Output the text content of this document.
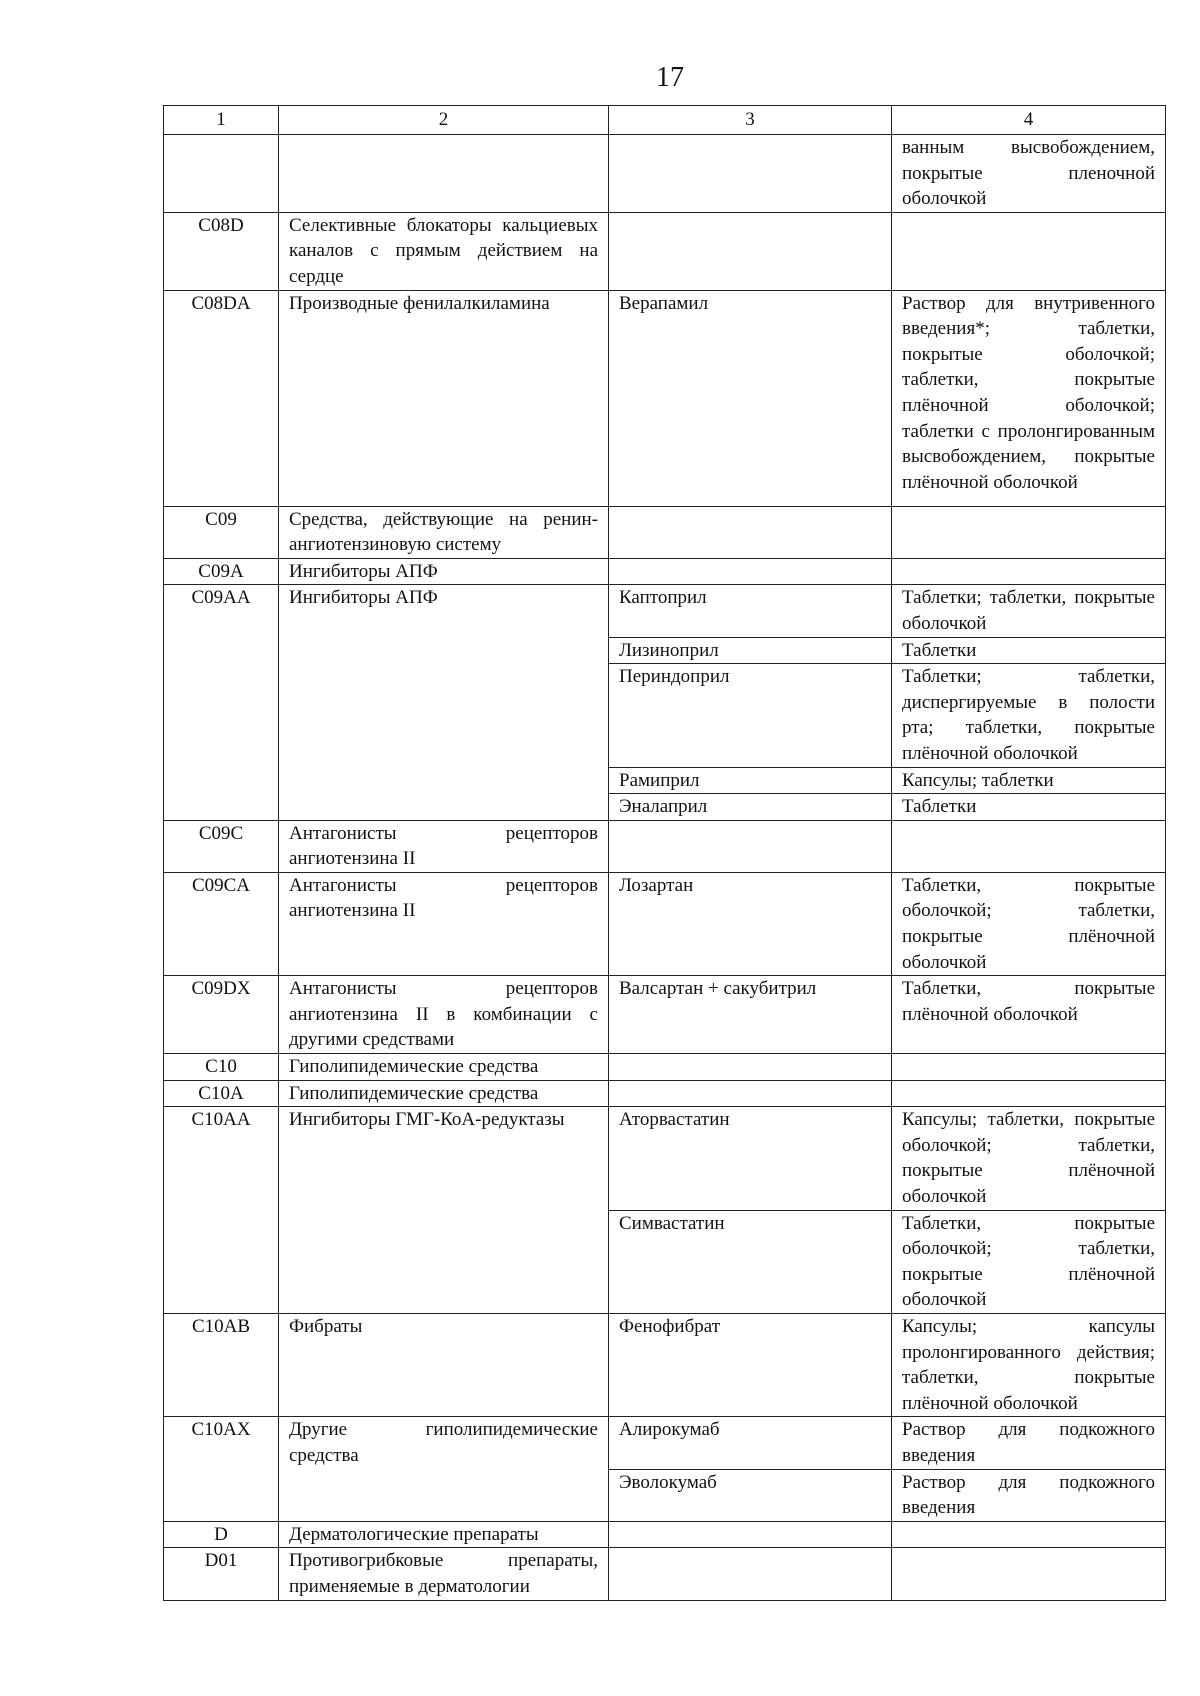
17
1	2	3	4
			ванным высвобождением, покрытые пленочной оболочкой
C08D	Селективные блокаторы кальциевых каналов с прямым действием на сердце		
C08DA	Производные фенилалкиламина	Верапамил	Раствор для внутривенного введения*; таблетки, покрытые оболочкой; таблетки, покрытые плёночной оболочкой; таблетки с пролонгированным высвобождением, покрытые плёночной оболочкой
C09	Средства, действующие на ренин-ангиотензиновую систему		
C09A	Ингибиторы АПФ		
C09AA	Ингибиторы АПФ	Каптоприл	Таблетки; таблетки, покрытые оболочкой
		Лизиноприл	Таблетки
		Периндоприл	Таблетки; таблетки, диспергируемые в полости рта; таблетки, покрытые плёночной оболочкой
		Рамиприл	Капсулы; таблетки
		Эналаприл	Таблетки
C09C	Антагонисты рецепторов ангиотензина II		
C09CA	Антагонисты рецепторов ангиотензина II	Лозартан	Таблетки, покрытые оболочкой; таблетки, покрытые плёночной оболочкой
C09DX	Антагонисты рецепторов ангиотензина II в комбинации с другими средствами	Валсартан + сакубитрил	Таблетки, покрытые плёночной оболочкой
C10	Гиполипидемические средства		
C10A	Гиполипидемические средства		
C10AA	Ингибиторы ГМГ-КоА-редуктазы	Аторвастатин	Капсулы; таблетки, покрытые оболочкой; таблетки, покрытые плёночной оболочкой
		Симвастатин	Таблетки, покрытые оболочкой; таблетки, покрытые плёночной оболочкой
C10AB	Фибраты	Фенофибрат	Капсулы; капсулы пролонгированного действия; таблетки, покрытые плёночной оболочкой
C10AX	Другие гиполипидемические средства	Алирокумаб	Раствор для подкожного введения
		Эволокумаб	Раствор для подкожного введения
D	Дерматологические препараты		
D01	Противогрибковые препараты, применяемые в дерматологии		
